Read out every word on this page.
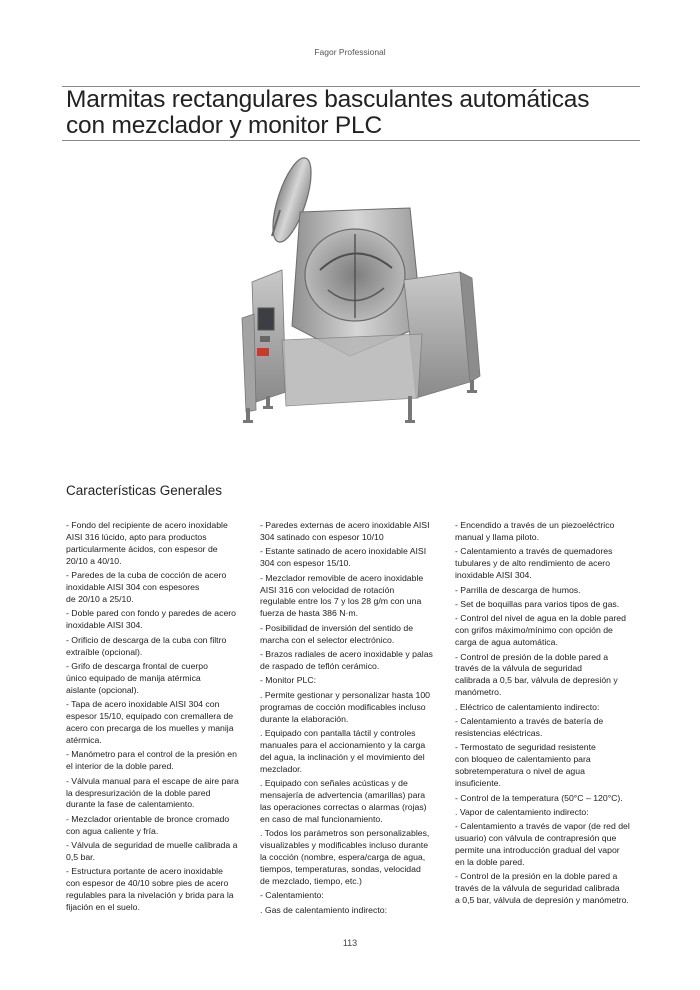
Fagor Professional
Marmitas rectangulares basculantes automáticas
con mezclador y monitor PLC
Características Generales
- Fondo del recipiente de acero inoxidable
AISI 316 lúcido, apto para productos
particularmente ácidos, con espesor de
20/10 a 40/10.
- Paredes de la cuba de cocción de acero
inoxidable AISI 304 con espesores
de 20/10 a 25/10.
- Doble pared con fondo y paredes de acero
inoxidable AISI 304.
- Orificio de descarga de la cuba con filtro
extraíble (opcional).
- Grifo de descarga frontal de cuerpo
único equipado de manija atérmica
aislante (opcional).
- Tapa de acero inoxidable AISI 304 con
espesor 15/10, equipado con cremallera de
acero con precarga de los muelles y manija
atérmica.
- Manómetro para el control de la presión en
el interior de la doble pared.
- Válvula manual para el escape de aire para
la despresurización de la doble pared
durante la fase de calentamiento.
- Mezclador orientable de bronce cromado
con agua caliente y fría.
- Válvula de seguridad de muelle calibrada a
0,5 bar.
- Estructura portante de acero inoxidable
con espesor de 40/10 sobre pies de acero
regulables para la nivelación y brida para la
fijación en el suelo.
- Paredes externas de acero inoxidable AISI
304 satinado con espesor 10/10
- Estante satinado de acero inoxidable AISI
304 con espesor 15/10.
- Mezclador removible de acero inoxidable
AISI 316 con velocidad de rotación
regulable entre los 7 y los 28 g/m con una
fuerza de hasta 386 N·m.
- Posibilidad de inversión del sentido de
marcha con el selector electrónico.
- Brazos radiales de acero inoxidable y palas
de raspado de teflón cerámico.
- Monitor PLC:
. Permite gestionar y personalizar hasta 100
programas de cocción modificables incluso
durante la elaboración.
. Equipado con pantalla táctil y controles
manuales para el accionamiento y la carga
del agua, la inclinación y el movimiento del
mezclador.
. Equipado con señales acústicas y de
mensajería de advertencia (amarillas) para
las operaciones correctas o alarmas (rojas)
en caso de mal funcionamiento.
. Todos los parámetros son personalizables,
visualizables y modificables incluso durante
la cocción (nombre, espera/carga de agua,
tiempos, temperaturas, sondas, velocidad
de mezclado, tiempo, etc.)
- Calentamiento:
. Gas de calentamiento indirecto:
- Encendido a través de un piezoeléctrico
manual y llama piloto.
- Calentamiento a través de quemadores
tubulares y de alto rendimiento de acero
inoxidable AISI 304.
- Parrilla de descarga de humos.
- Set de boquillas para varios tipos de gas.
- Control del nivel de agua en la doble pared
con grifos máximo/mínimo con opción de
carga de agua automática.
- Control de presión de la doble pared a
través de la válvula de seguridad
calibrada a 0,5 bar, válvula de depresión y
manómetro.
. Eléctrico de calentamiento indirecto:
- Calentamiento a través de batería de
resistencias eléctricas.
- Termostato de seguridad resistente
con bloqueo de calentamiento para
sobretemperatura o nivel de agua
insuficiente.
- Control de la temperatura (50°C – 120°C).
. Vapor de calentamiento indirecto:
- Calentamiento a través de vapor (de red del
usuario) con válvula de contrapresión que
permite una introducción gradual del vapor
en la doble pared.
- Control de la presión en la doble pared a
través de la válvula de seguridad calibrada
a 0,5 bar, válvula de depresión y manómetro.
113
